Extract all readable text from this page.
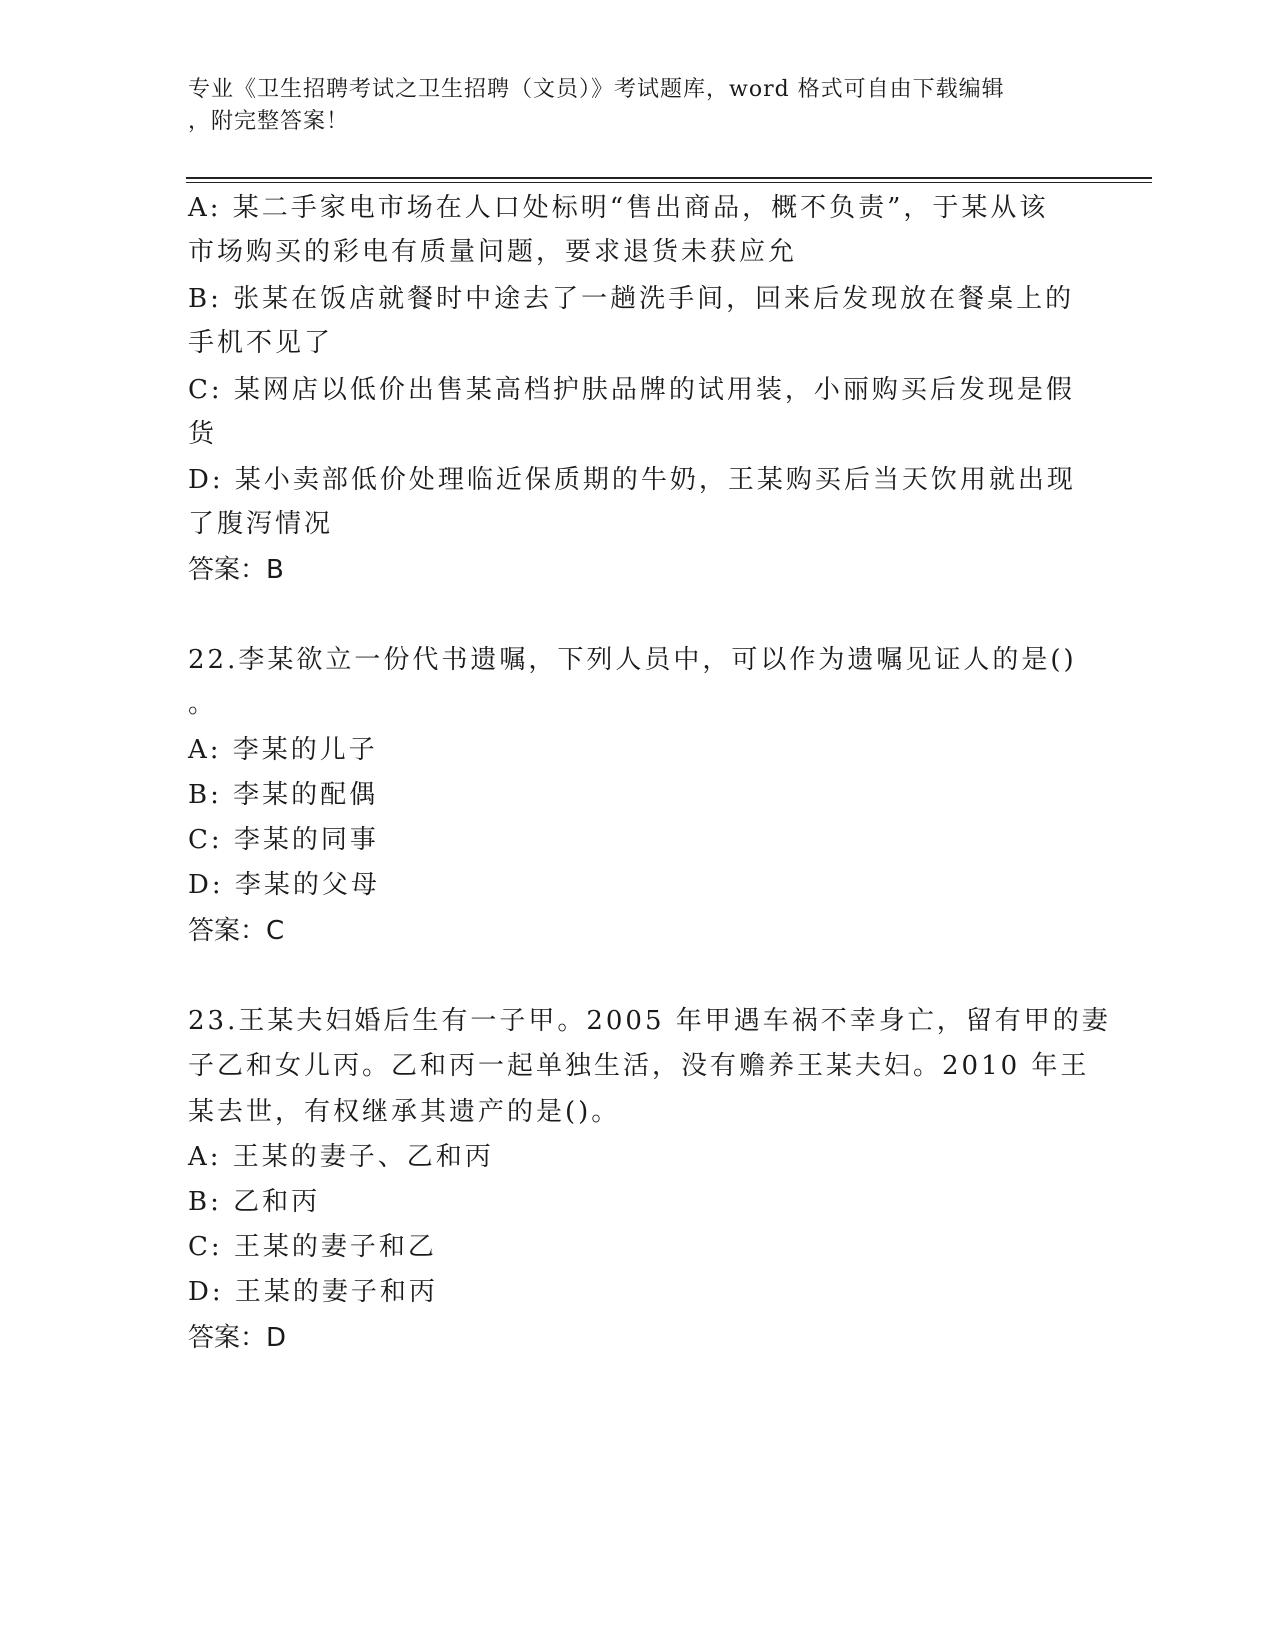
专业《卫生招聘考试之卫生招聘（文员）》考试题库，word 格式可自由下载编辑
，附完整答案！
A: 某二手家电市场在人口处标明“售出商品，概不负责”，于某从该
市场购买的彩电有质量问题，要求退货未获应允
B: 张某在饭店就餐时中途去了一趟洗手间，回来后发现放在餐桌上的
手机不见了
C: 某网店以低价出售某高档护肤品牌的试用装，小丽购买后发现是假
货
D: 某小卖部低价处理临近保质期的牛奶，王某购买后当天饮用就出现
了腹泻情况
答案：B
22.李某欲立一份代书遗嘱，下列人员中，可以作为遗嘱见证人的是()
。
A: 李某的儿子
B: 李某的配偶
C: 李某的同事
D: 李某的父母
答案：C
23.王某夫妇婚后生有一子甲。2005 年甲遇车祸不幸身亡，留有甲的妻
子乙和女儿丙。乙和丙一起单独生活，没有赡养王某夫妇。2010 年王
某去世，有权继承其遗产的是()。
A: 王某的妻子、乙和丙
B: 乙和丙
C: 王某的妻子和乙
D: 王某的妻子和丙
答案：D
